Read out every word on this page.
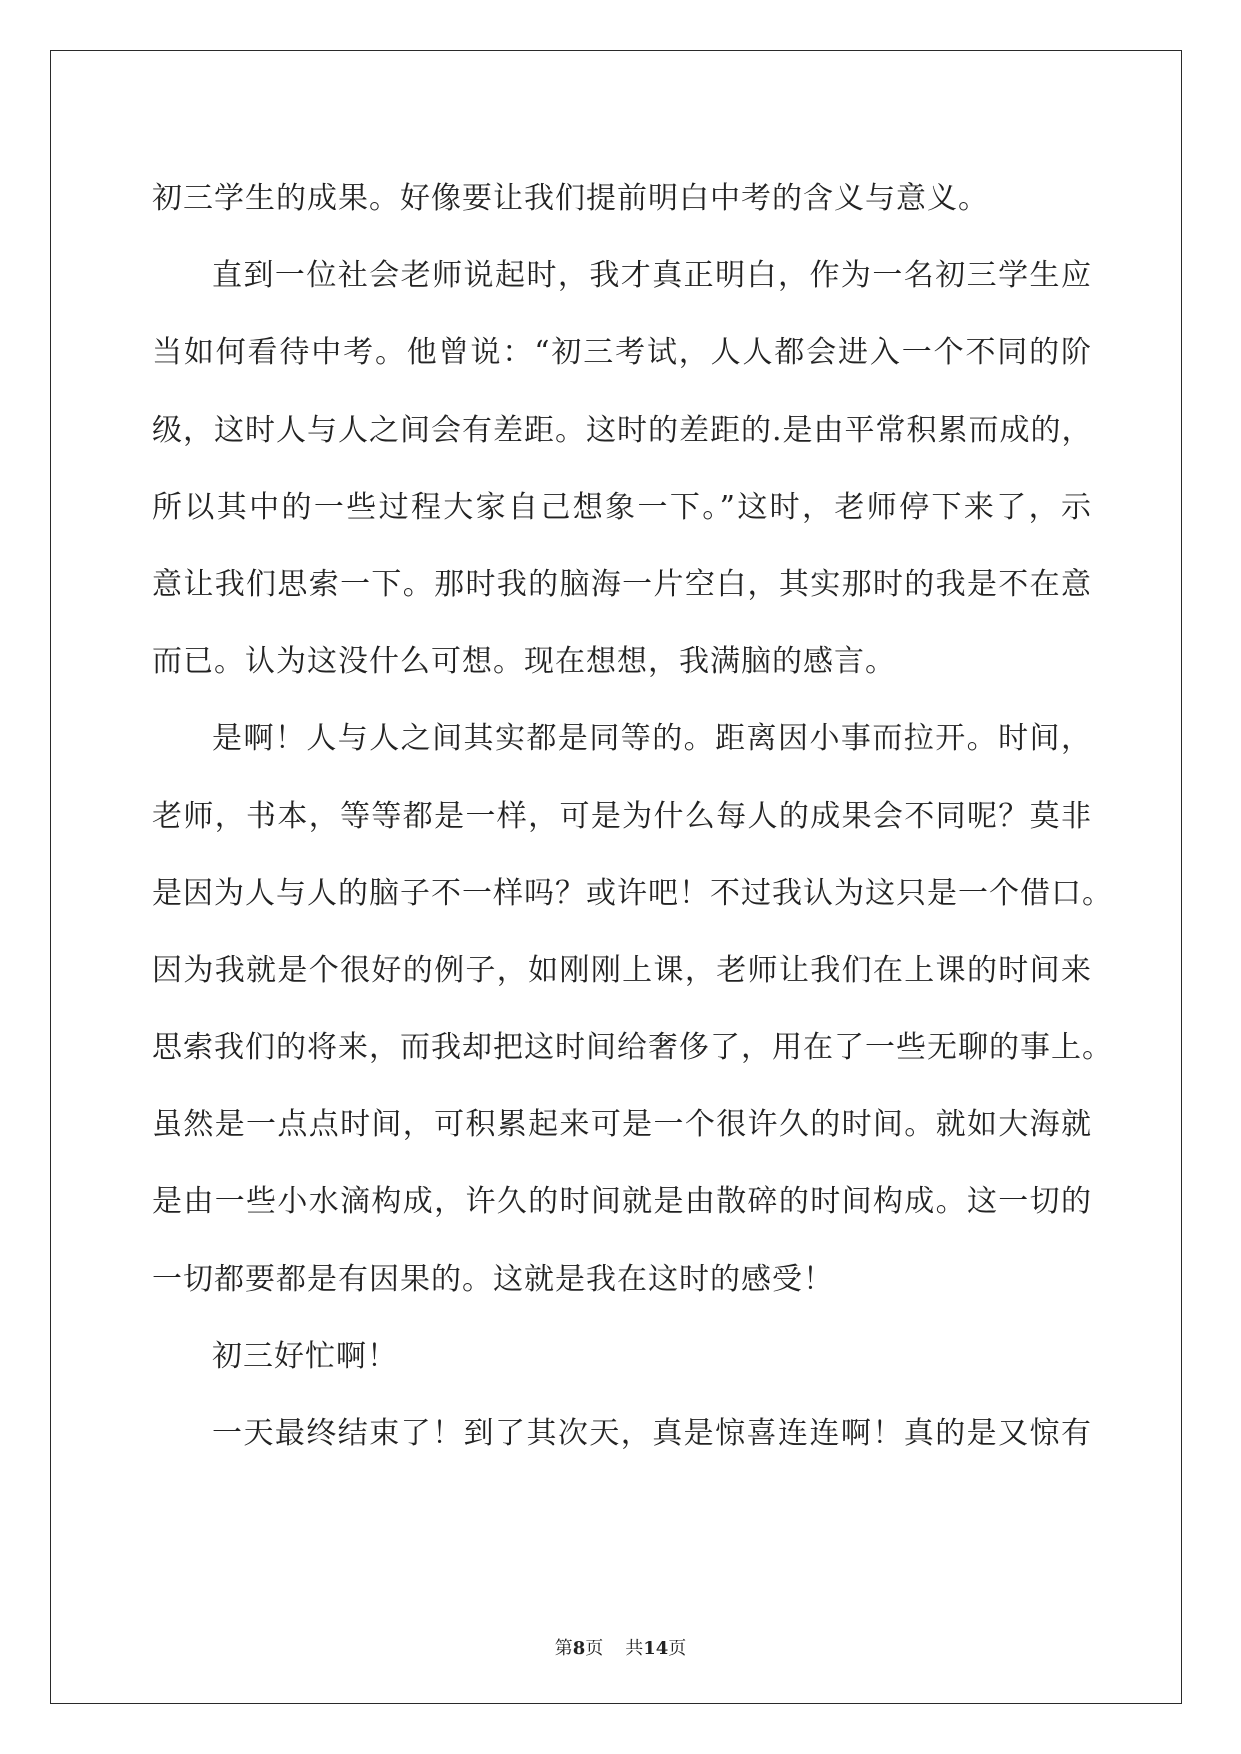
初三学生的成果。好像要让我们提前明白中考的含义与意义。
直到一位社会老师说起时，我才真正明白，作为一名初三学生应
当如何看待中考。他曾说：“初三考试，人人都会进入一个不同的阶
级，这时人与人之间会有差距。这时的差距的.是由平常积累而成的，
所以其中的一些过程大家自己想象一下。”这时，老师停下来了，示
意让我们思索一下。那时我的脑海一片空白，其实那时的我是不在意
而已。认为这没什么可想。现在想想，我满脑的感言。
是啊！人与人之间其实都是同等的。距离因小事而拉开。时间，
老师，书本，等等都是一样，可是为什么每人的成果会不同呢？莫非
是因为人与人的脑子不一样吗？或许吧！不过我认为这只是一个借口。
因为我就是个很好的例子，如刚刚上课，老师让我们在上课的时间来
思索我们的将来，而我却把这时间给奢侈了，用在了一些无聊的事上。
虽然是一点点时间，可积累起来可是一个很许久的时间。就如大海就
是由一些小水滴构成，许久的时间就是由散碎的时间构成。这一切的
一切都要都是有因果的。这就是我在这时的感受！
初三好忙啊！
一天最终结束了！到了其次天，真是惊喜连连啊！真的是又惊有
第8页 共14页
